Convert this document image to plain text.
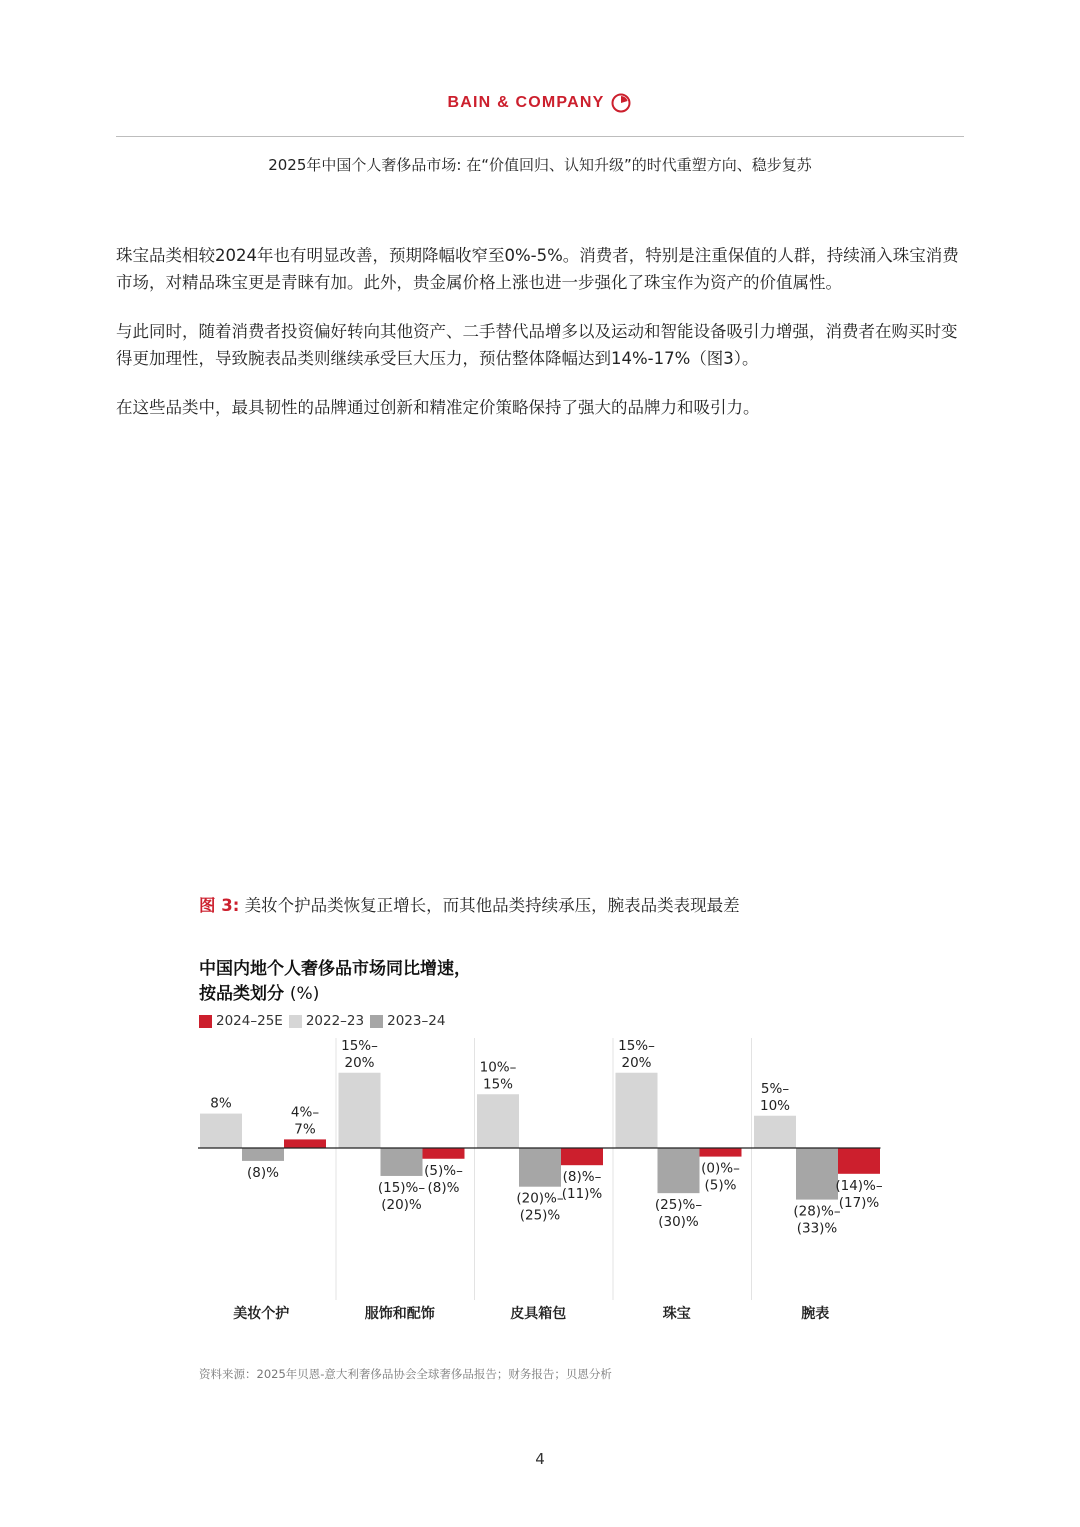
BAIN & COMPANY
2025年中国个人奢侈品市场: 在“价值回归、认知升级”的时代重塑方向、稳步复苏
珠宝品类相较2024年也有明显改善，预期降幅收窄至0%-5%。消费者，特别是注重保值的人群，持续涌入珠宝消费市场，对精品珠宝更是青睐有加。此外，贵金属价格上涨也进一步强化了珠宝作为资产的价值属性。
与此同时，随着消费者投资偏好转向其他资产、二手替代品增多以及运动和智能设备吸引力增强，消费者在购买时变得更加理性，导致腕表品类则继续承受巨大压力，预估整体降幅达到14%-17%（图3）。
在这些品类中，最具韧性的品牌通过创新和精准定价策略保持了强大的品牌力和吸引力。
图 3: 美妆个护品类恢复正增长，而其他品类持续承压，腕表品类表现最差
中国内地个人奢侈品市场同比增速，
按品类划分 (%)
2024–25E 2022–23 2023–24
8%
(8)%
4%–
7%
美妆个护
15%–
20%
(15)%–
(20)%
(5)%–
(8)%
服饰和配饰
10%–
15%
(20)%–
(25)%
(8)%–
(11)%
皮具箱包
15%–
20%
(25)%–
(30)%
(0)%–
(5)%
珠宝
5%–
10%
(28)%–
(33)%
(14)%–
(17)%
腕表
资料来源：2025年贝恩-意大利奢侈品协会全球奢侈品报告；财务报告；贝恩分析
4
